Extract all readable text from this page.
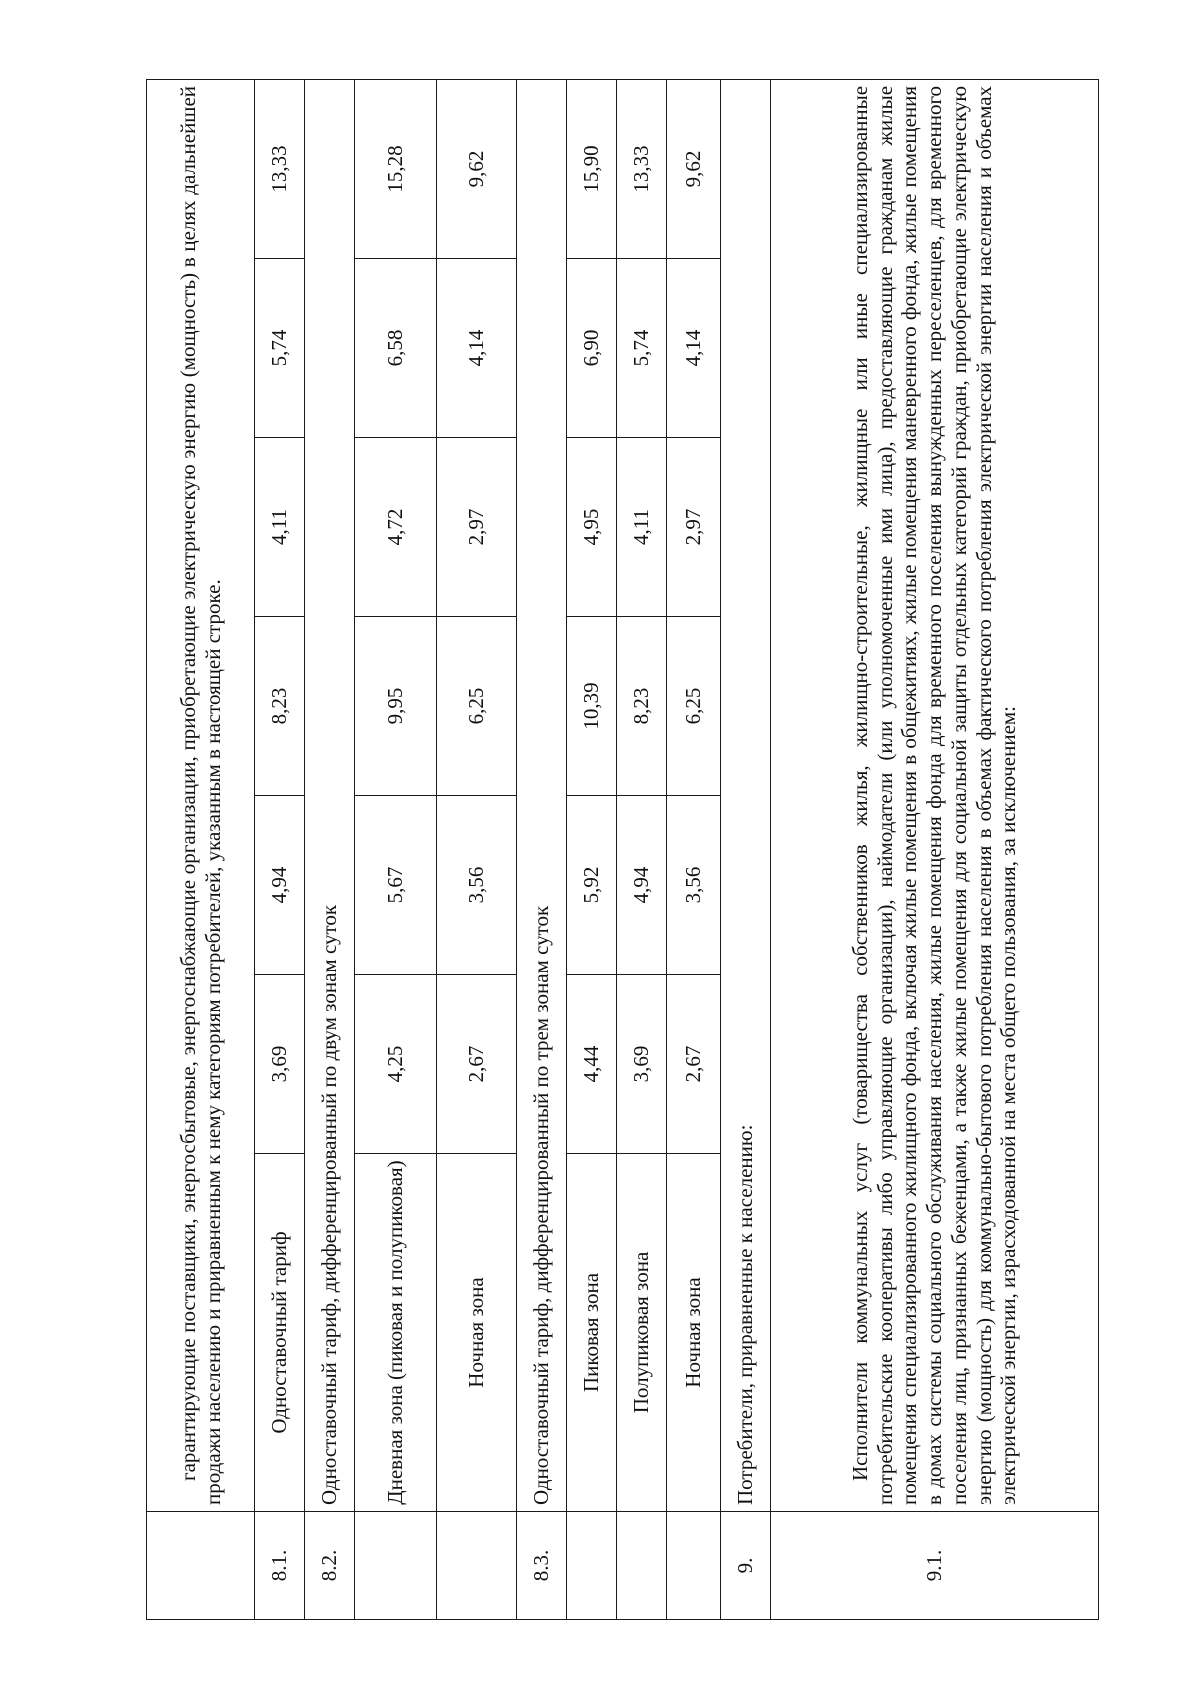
	гарантирующие поставщики, энергосбытовые, энергоснабжающие организации, приобретающие электрическую энергию (мощность) в целях дальнейшей продажи населению и приравненным к нему категориям потребителей, указанным в настоящей строке.						

8.1.	Одноставочный тариф	3,69	4,94	8,23	4,11	5,74	13,33
8.2.	Одноставочный тариф, дифференцированный по двум зонам суток						
	Дневная зона (пиковая и полупиковая)	4,25	5,67	9,95	4,72	6,58	15,28
	Ночная зона	2,67	3,56	6,25	2,97	4,14	9,62
8.3.	Одноставочный тариф, дифференцированный по трем зонам суток						
	Пиковая зона	4,44	5,92	10,39	4,95	6,90	15,90
	Полупиковая зона	3,69	4,94	8,23	4,11	5,74	13,33
	Ночная зона	2,67	3,56	6,25	2,97	4,14	9,62
9.	Потребители, приравненные к населению:						
9.1.	Исполнители коммунальных услуг (товарищества собственников жилья, жилищно-строительные, жилищные или иные специализированные потребительские кооперативы либо управляющие организации), наймодатели (или уполномоченные ими лица), предоставляющие гражданам жилые помещения специализированного жилищного фонда, включая жилые помещения в общежитиях, жилые помещения маневренного фонда, жилые помещения в домах системы социального обслуживания населения, жилые помещения фонда для временного поселения вынужденных переселенцев, для временного поселения лиц, признанных беженцами, а также жилые помещения для социальной защиты отдельных категорий граждан, приобретающие электрическую энергию (мощность) для коммунально-бытового потребления населения в объемах фактического потребления электрической энергии населения и объемах электрической энергии, израсходованной на места общего пользования, за исключением:						
